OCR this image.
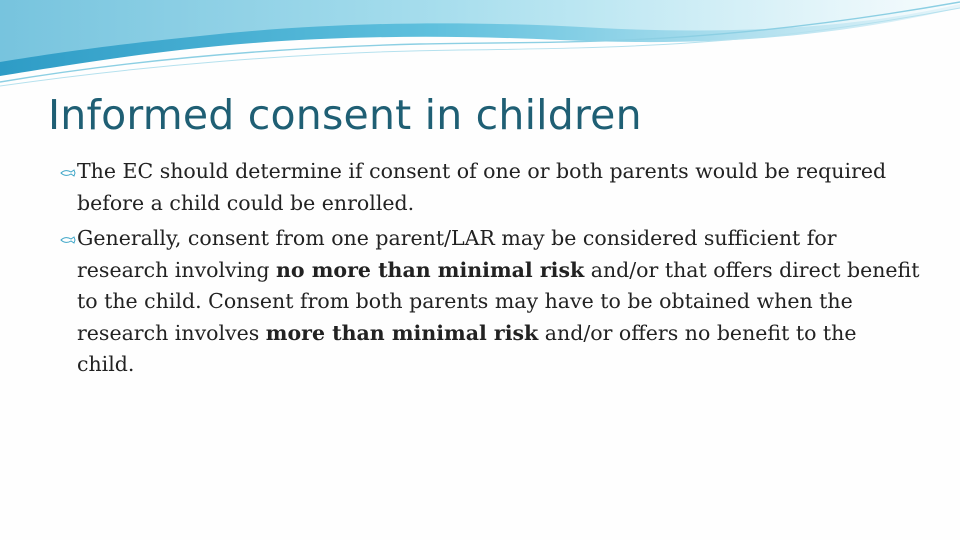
Informed consent in children
The EC should determine if consent of one or both parents would be required before a child could be enrolled.
Generally, consent from one parent/LAR may be considered sufficient for research involving no more than minimal risk and/or that offers direct benefit to the child. Consent from both parents may have to be obtained when the research involves more than minimal risk and/or offers no benefit to the child.
